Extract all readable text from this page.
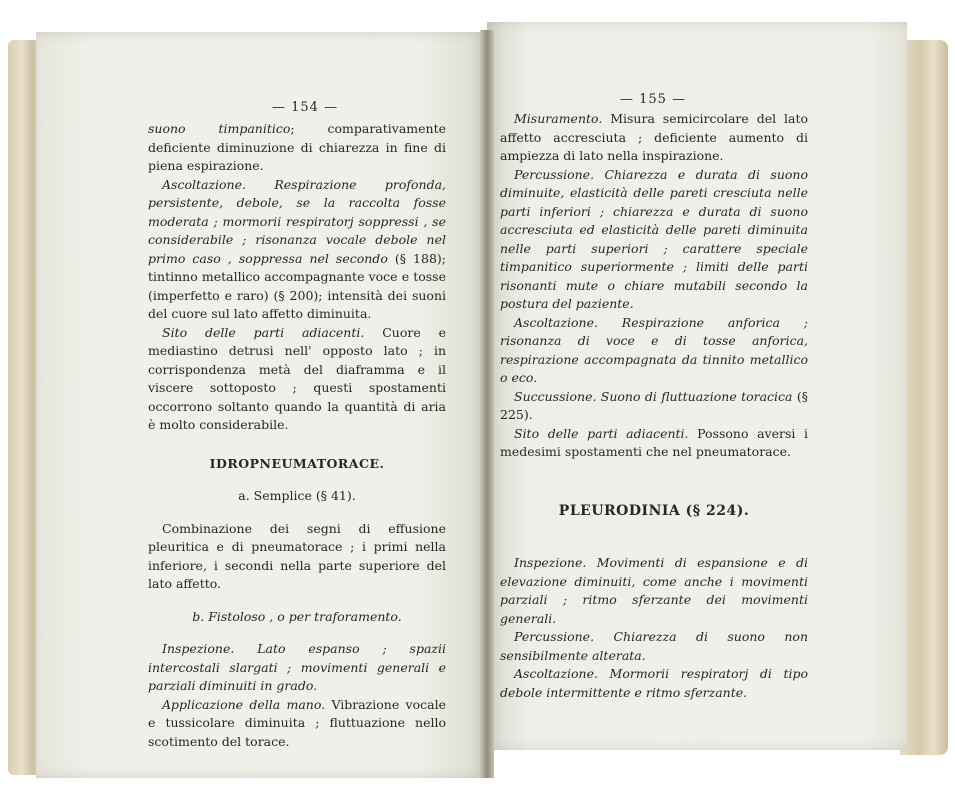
— 154 —

suono timpanitico; comparativamente deficiente diminuzione di chiarezza in fine di piena espirazione.

Ascoltazione. Respirazione profonda, persistente, debole, se la raccolta fosse moderata ; mormorii respiratorj soppressi , se considerabile ; risonanza vocale debole nel primo caso , soppressa nel secondo (§ 188); tintinno metallico accompagnante voce e tosse (imperfetto e raro) (§ 200); intensità dei suoni del cuore sul lato affetto diminuita.

Sito delle parti adiacenti. Cuore e mediastino detrusi nell' opposto lato ; in corrispondenza metà del diaframma e il viscere sottoposto ; questi spostamenti occorrono soltanto quando la quantità di aria è molto considerabile.

IDROPNEUMATORACE.

a. Semplice (§ 41).

Combinazione dei segni di effusione pleuritica e di pneumatorace ; i primi nella inferiore, i secondi nella parte superiore del lato affetto.

b. Fistoloso , o per traforamento.

Inspezione. Lato espanso ; spazii intercostali slargati ; movimenti generali e parziali diminuiti in grado.

Applicazione della mano. Vibrazione vocale e tussicolare diminuita ; fluttuazione nello scotimento del torace.

— 155 —

Misuramento. Misura semicircolare del lato affetto accresciuta ; deficiente aumento di ampiezza di lato nella inspirazione.

Percussione. Chiarezza e durata di suono diminuite, elasticità delle pareti cresciuta nelle parti inferiori ; chiarezza e durata di suono accresciuta ed elasticità delle pareti diminuita nelle parti superiori ; carattere speciale timpanitico superiormente ; limiti delle parti risonanti mute o chiare mutabili secondo la postura del paziente.

Ascoltazione. Respirazione anforica ; risonanza di voce e di tosse anforica, respirazione accompagnata da tinnito metallico o eco.

Succussione. Suono di fluttuazione toracica (§ 225).

Sito delle parti adiacenti. Possono aversi i medesimi spostamenti che nel pneumatorace.

PLEURODINIA (§ 224).

Inspezione. Movimenti di espansione e di elevazione diminuiti, come anche i movimenti parziali ; ritmo sferzante dei movimenti generali.

Percussione. Chiarezza di suono non sensibilmente alterata.

Ascoltazione. Mormorii respiratorj di tipo debole intermittente e ritmo sferzante.
